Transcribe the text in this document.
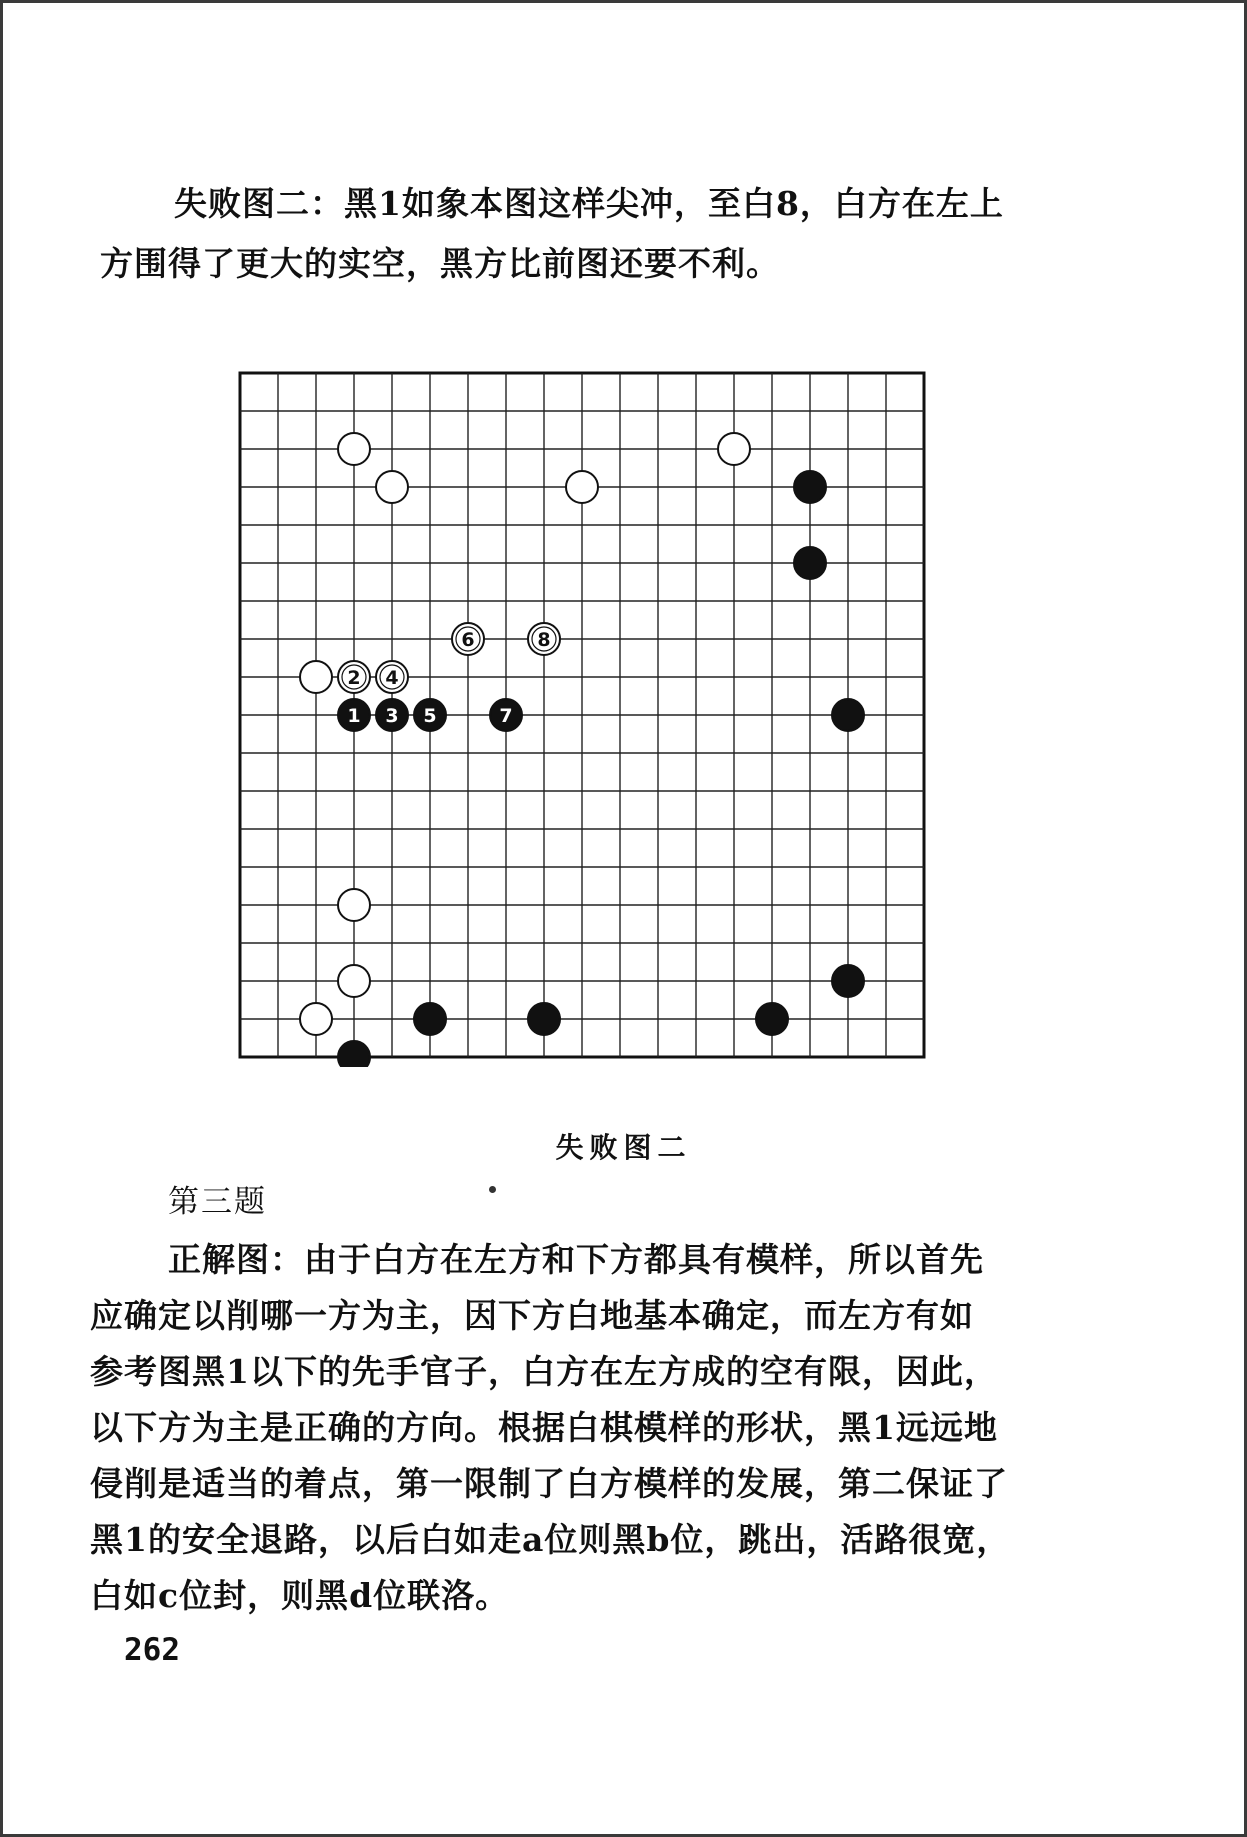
失败图二：黑1如象本图这样尖冲，至白8，白方在左上
方围得了更大的实空，黑方比前图还要不利。
2 4
6	8
1 3 5	7
失败图二
第三题
正解图：由于白方在左方和下方都具有模样，所以首先
应确定以削哪一方为主，因下方白地基本确定，而左方有如
参考图黑1以下的先手官子，白方在左方成的空有限，因此，
以下方为主是正确的方向。根据白棋模样的形状，黑1远远地
侵削是适当的着点，第一限制了白方模样的发展，第二保证了
黑1的安全退路，以后白如走a位则黑b位，跳出，活路很宽，
白如c位封，则黑d位联洛。
262
